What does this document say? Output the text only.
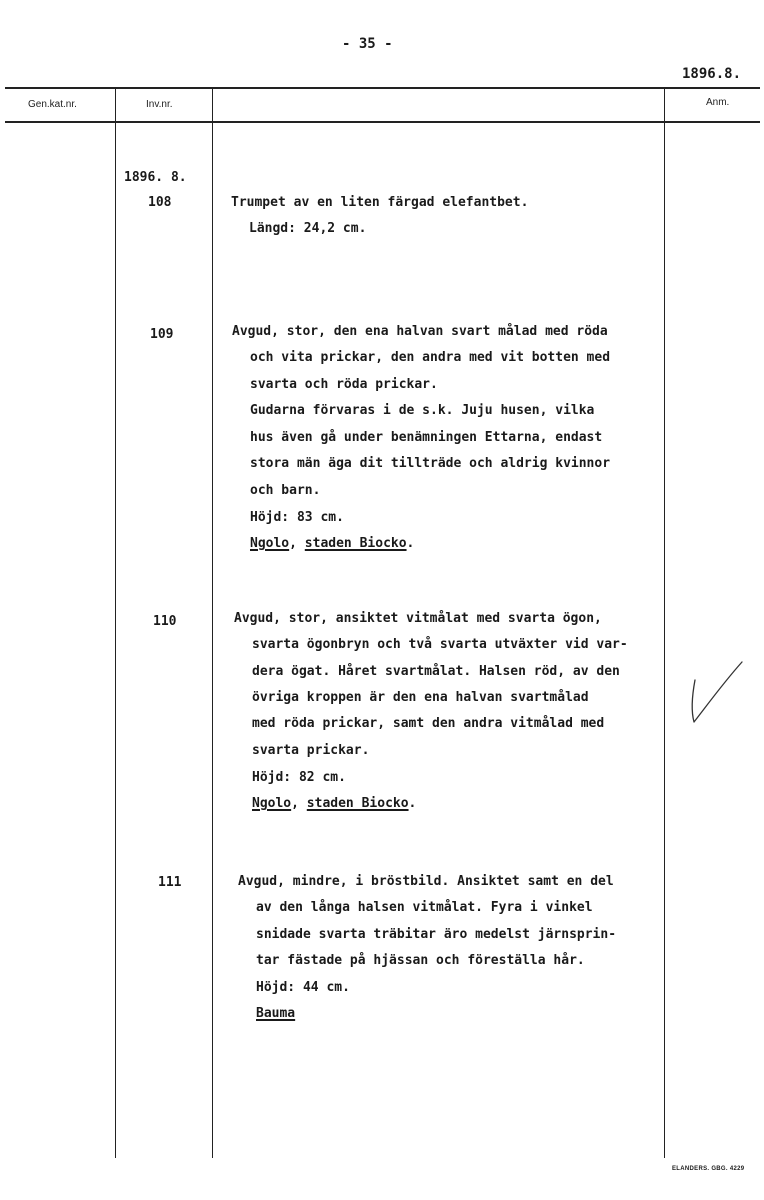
- 35 -
1896.8.
Gen.kat.nr.	Inv.nr.	Anm.
1896. 8.
108	Trumpet av en liten färgad elefantbet.
Längd: 24,2 cm.
109	Avgud, stor, den ena halvan svart målad med röda
och vita prickar, den andra med vit botten med
svarta och röda prickar.
Gudarna förvaras i de s.k. Juju husen, vilka
hus även gå under benämningen Ettarna, endast
stora män äga dit tillträde och aldrig kvinnor
och barn.
Höjd: 83 cm.
Ngolo, staden Biocko.
110	Avgud, stor, ansiktet vitmålat med svarta ögon,
svarta ögonbryn och två svarta utväxter vid var-
dera ögat. Håret svartmålat. Halsen röd, av den
övriga kroppen är den ena halvan svartmålad
med röda prickar, samt den andra vitmålad med
svarta prickar.
Höjd: 82 cm.
Ngolo, staden Biocko.
111	Avgud, mindre, i bröstbild. Ansiktet samt en del
av den långa halsen vitmålat. Fyra i vinkel
snidade svarta träbitar äro medelst järnsprin-
tar fästade på hjässan och föreställa hår.
Höjd: 44 cm.
Bauma
ELANDERS. GBG. 4229
